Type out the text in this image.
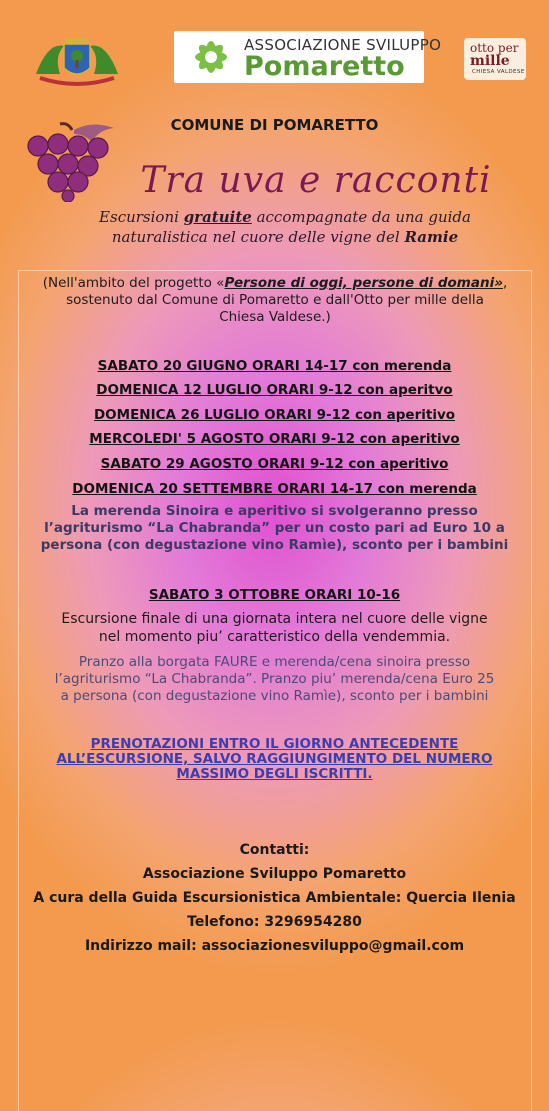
ASSOCIAZIONE SVILUPPO
Pomaretto
otto per
mille
CHIESA VALDESE
COMUNE DI POMARETTO
Tra uva e racconti
Escursioni gratuite accompagnate da una guida
naturalistica nel cuore delle vigne del Ramie
(Nell'ambito del progetto «Persone di oggi, persone di domani»,
sostenuto dal Comune di Pomaretto e dall'Otto per mille della
Chiesa Valdese.)
SABATO 20 GIUGNO ORARI 14-17 con merenda
DOMENICA 12 LUGLIO ORARI 9-12 con aperitvo
DOMENICA 26 LUGLIO ORARI 9-12 con aperitivo
MERCOLEDI' 5 AGOSTO ORARI 9-12 con aperitivo
SABATO 29 AGOSTO ORARI 9-12 con aperitivo
DOMENICA 20 SETTEMBRE ORARI 14-17 con merenda
La merenda Sinoira e aperitivo si svolgeranno presso
l’agriturismo “La Chabranda” per un costo pari ad Euro 10 a
persona (con degustazione vino Ramìe), sconto per i bambini
SABATO 3 OTTOBRE ORARI 10-16
Escursione finale di una giornata intera nel cuore delle vigne
nel momento piu’ caratteristico della vendemmia.
Pranzo alla borgata FAURE e merenda/cena sinoira presso
l’agriturismo “La Chabranda”. Pranzo piu’ merenda/cena Euro 25
a persona (con degustazione vino Ramìe), sconto per i bambini
PRENOTAZIONI ENTRO IL GIORNO ANTECEDENTE
ALL’ESCURSIONE, SALVO RAGGIUNGIMENTO DEL NUMERO
MASSIMO DEGLI ISCRITTI.
Contatti:
Associazione Sviluppo Pomaretto
A cura della Guida Escursionistica Ambientale: Quercia Ilenia
Telefono: 3296954280
Indirizzo mail: associazionesviluppo@gmail.com
